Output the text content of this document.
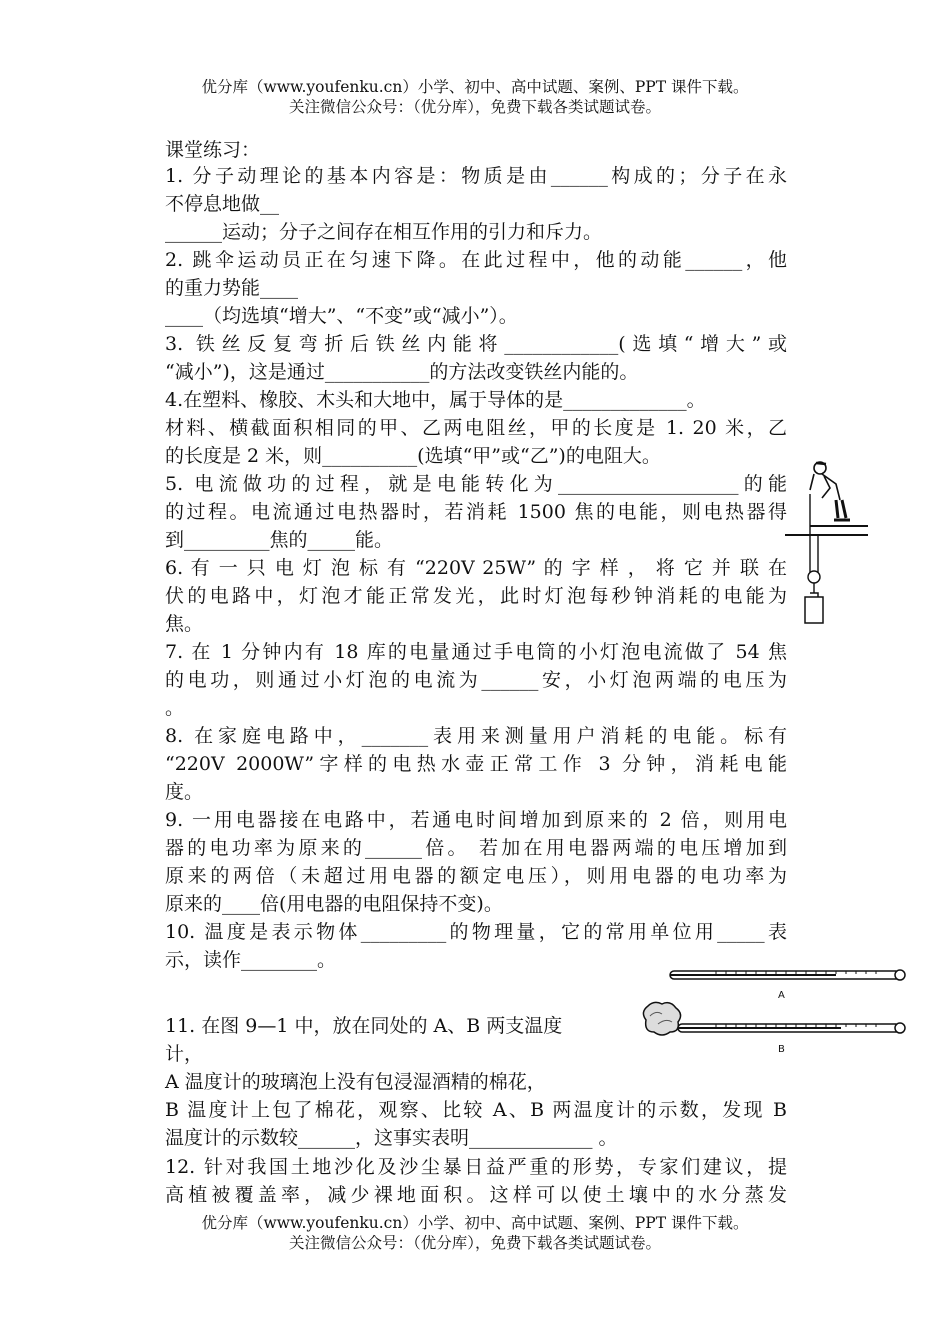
优分库（www.youfenku.cn）小学、初中、高中试题、案例、PPT 课件下载。
关注微信公众号：（优分库），免费下载各类试题试卷。
课堂练习：
1. 分子动理论的基本内容是：物质是由______构成的；分子在永
不停息地做__
______运动；分子之间存在相互作用的引力和斥力。
2. 跳伞运动员正在匀速下降。在此过程中，他的动能______，他
的重力势能____
____（均选填“增大”、“不变”或“减小”）。
3. 铁丝反复弯折后铁丝内能将____________(选填“增大”或
“减小”)，这是通过___________的方法改变铁丝内能的。
4.在塑料、橡胶、木头和大地中，属于导体的是_____________。
材料、横截面积相同的甲、乙两电阻丝，甲的长度是 1. 20 米，乙
的长度是 2 米，则__________(选填“甲”或“乙”)的电阻大。
5. 电流做功的过程，就是电能转化为___________________的能
的过程。电流通过电热器时，若消耗 1500 焦的电能，则电热器得
到_________焦的_____能。
6. 有 一 只 电 灯 泡 标 有 “220V 25W” 的 字 样 ， 将 它 并 联 在
伏的电路中，灯泡才能正常发光，此时灯泡每秒钟消耗的电能为
焦。
7. 在 1 分钟内有 18 库的电量通过手电筒的小灯泡电流做了 54 焦
的电功，则通过小灯泡的电流为______安，小灯泡两端的电压为
。
8. 在家庭电路中，_______表用来测量用户消耗的电能。标有
“220V 2000W”字样的电热水壶正常工作 3 分钟，消耗电能
度。
9. 一用电器接在电路中，若通电时间增加到原来的 2 倍，则用电
器的电功率为原来的______倍。 若加在用电器两端的电压增加到
原来的两倍（未超过用电器的额定电压），则用电器的电功率为
原来的____倍(用电器的电阻保持不变)。
10. 温度是表示物体_________的物理量，它的常用单位用_____表
示，读作________。
11. 在图 9—1 中，放在同处的 A、B 两支温度
计，
A 温度计的玻璃泡上没有包浸湿酒精的棉花，
B 温度计上包了棉花，观察、比较 A、B 两温度计的示数，发现 B
温度计的示数较______，这事实表明_____________ 。
12. 针对我国土地沙化及沙尘暴日益严重的形势，专家们建议，提
高植被覆盖率，减少裸地面积。这样可以使土壤中的水分蒸发
优分库（www.youfenku.cn）小学、初中、高中试题、案例、PPT 课件下载。
关注微信公众号：（优分库），免费下载各类试题试卷。
A
B
